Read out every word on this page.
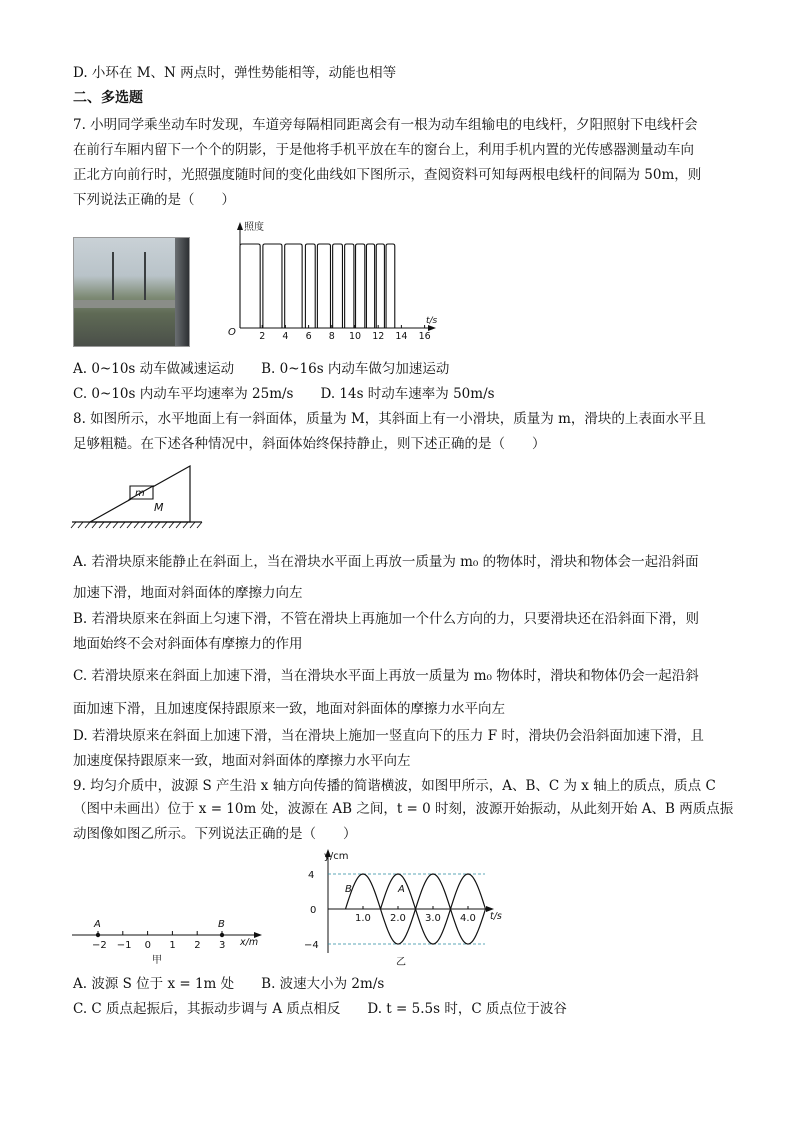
D. 小环在 M、N 两点时，弹性势能相等，动能也相等
二、多选题
7. 小明同学乘坐动车时发现，车道旁每隔相同距离会有一根为动车组输电的电线杆，夕阳照射下电线杆会
在前行车厢内留下一个个的阴影，于是他将手机平放在车的窗台上，利用手机内置的光传感器测量动车向
正北方向前行时，光照强度随时间的变化曲线如下图所示，查阅资料可知每两根电线杆的间隔为 50m，则
下列说法正确的是（　　）
照度
t/s
O 2 4 6 8 10 12 14 16
A. 0~10s 动车做减速运动　　B. 0~16s 内动车做匀加速运动
C. 0~10s 内动车平均速率为 25m/s　　D. 14s 时动车速率为 50m/s
8. 如图所示，水平地面上有一斜面体，质量为 M，其斜面上有一小滑块，质量为 m，滑块的上表面水平且
足够粗糙。在下述各种情况中，斜面体始终保持静止，则下述正确的是（　　）
m
M
A. 若滑块原来能静止在斜面上，当在滑块水平面上再放一质量为 m₀ 的物体时，滑块和物体会一起沿斜面
加速下滑，地面对斜面体的摩擦力向左
B. 若滑块原来在斜面上匀速下滑，不管在滑块上再施加一个什么方向的力，只要滑块还在沿斜面下滑，则
地面始终不会对斜面体有摩擦力的作用
C. 若滑块原来在斜面上加速下滑，当在滑块水平面上再放一质量为 m₀ 物体时，滑块和物体仍会一起沿斜
面加速下滑，且加速度保持跟原来一致，地面对斜面体的摩擦力水平向左
D. 若滑块原来在斜面上加速下滑，当在滑块上施加一竖直向下的压力 F 时，滑块仍会沿斜面加速下滑，且
加速度保持跟原来一致，地面对斜面体的摩擦力水平向左
9. 均匀介质中，波源 S 产生沿 x 轴方向传播的简谐横波，如图甲所示，A、B、C 为 x 轴上的质点，质点 C
（图中未画出）位于 x = 10m 处，波源在 AB 之间，t = 0 时刻，波源开始振动，从此刻开始 A、B 两质点振
动图像如图乙所示。下列说法正确的是（　　）
−2 −1 0 1 2 3
A	B
x/m
甲
y/cm
t/s
0
4
−4
1.0 2.0 3.0 4.0
B	A
乙
A. 波源 S 位于 x = 1m 处　　B. 波速大小为 2m/s
C. C 质点起振后，其振动步调与 A 质点相反　　D. t = 5.5s 时，C 质点位于波谷
